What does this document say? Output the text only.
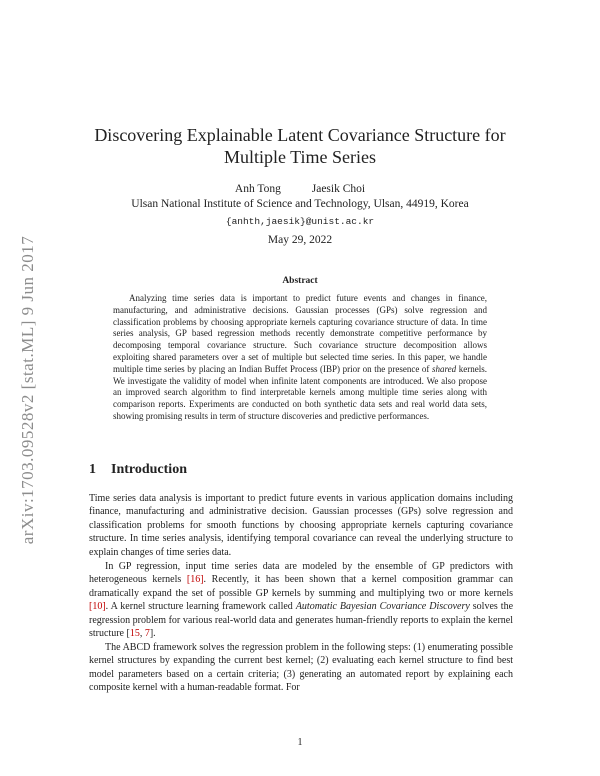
arXiv:1703.09528v2 [stat.ML] 9 Jun 2017
Discovering Explainable Latent Covariance Structure for
Multiple Time Series
Anh Tong	Jaesik Choi
Ulsan National Institute of Science and Technology, Ulsan, 44919, Korea
{anhth,jaesik}@unist.ac.kr
May 29, 2022
Abstract

Analyzing time series data is important to predict future events and changes in finance, manufacturing, and administrative decisions. Gaussian processes (GPs) solve regression and classification problems by choosing appropriate kernels capturing covariance structure of data. In time series analysis, GP based regression methods recently demonstrate competitive performance by decomposing temporal covariance structure. Such covariance structure decomposition allows exploiting shared parameters over a set of multiple but selected time series. In this paper, we handle multiple time series by placing an Indian Buffet Process (IBP) prior on the presence of shared kernels. We investigate the validity of model when infinite latent components are introduced. We also propose an improved search algorithm to find interpretable kernels among multiple time series along with comparison reports. Experiments are conducted on both synthetic data sets and real world data sets, showing promising results in term of structure discoveries and predictive performances.

1 Introduction

Time series data analysis is important to predict future events in various application domains including finance, manufacturing and administrative decision. Gaussian processes (GPs) solve regression and classification problems for smooth functions by choosing appropriate kernels capturing covariance structure. In time series analysis, identifying temporal covariance can reveal the underlying structure to explain changes of time series data.

In GP regression, input time series data are modeled by the ensemble of GP predictors with heterogeneous kernels [16]. Recently, it has been shown that a kernel composition grammar can dramatically expand the set of possible GP kernels by summing and multiplying two or more kernels [10]. A kernel structure learning framework called Automatic Bayesian Covariance Discovery solves the regression problem for various real-world data and generates human-friendly reports to explain the kernel structure [15, 7].

The ABCD framework solves the regression problem in the following steps: (1) enumerating possible kernel structures by expanding the current best kernel; (2) evaluating each kernel structure to find best model parameters based on a certain criteria; (3) generating an automated report by explaining each composite kernel with a human-readable format. For

1
